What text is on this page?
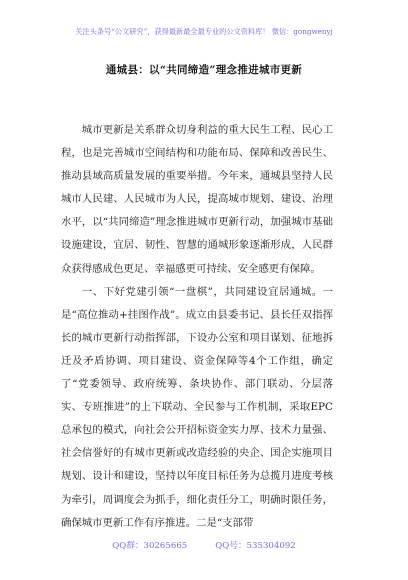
关注头条号“公文研究”，获得最新最全最专业的公文资料库！ 微信：gongwenyj
通城县：以“共同缔造”理念推进城市更新

城市更新是关系群众切身利益的重大民生工程、民心工程，也是完善城市空间结构和功能布局、保障和改善民生、推动县域高质量发展的重要举措。今年来，通城县坚持人民城市人民建、人民城市为人民，提高城市规划、建设、治理水平，以“共同缔造”理念推进城市更新行动，加强城市基础设施建设，宜居、韧性、智慧的通城形象逐渐形成，人民群众获得感成色更足、幸福感更可持续、安全感更有保障。

一、下好党建引领“一盘棋”，共同建设宜居通城。一是“高位推动+挂图作战”。成立由县委书记、县长任双指挥长的城市更新行动指挥部，下设办公室和项目谋划、征地拆迁及矛盾协调、项目建设、资金保障等4个工作组，确定了“党委领导、政府统筹、条块协作、部门联动、分层落实、专班推进”的上下联动、全民参与工作机制，采取EPC总承包的模式，向社会公开招标资金实力厚、技术力量强、社会信誉好的有城市更新或改造经验的央企、国企实施项目规划、设计和建设，坚持以年度目标任务为总揽月进度考核为牵引，周调度会为抓手，细化责任分工，明确时限任务，确保城市更新工作有序推进。二是“支部带

QQ群：30265665	QQ号：535304092
